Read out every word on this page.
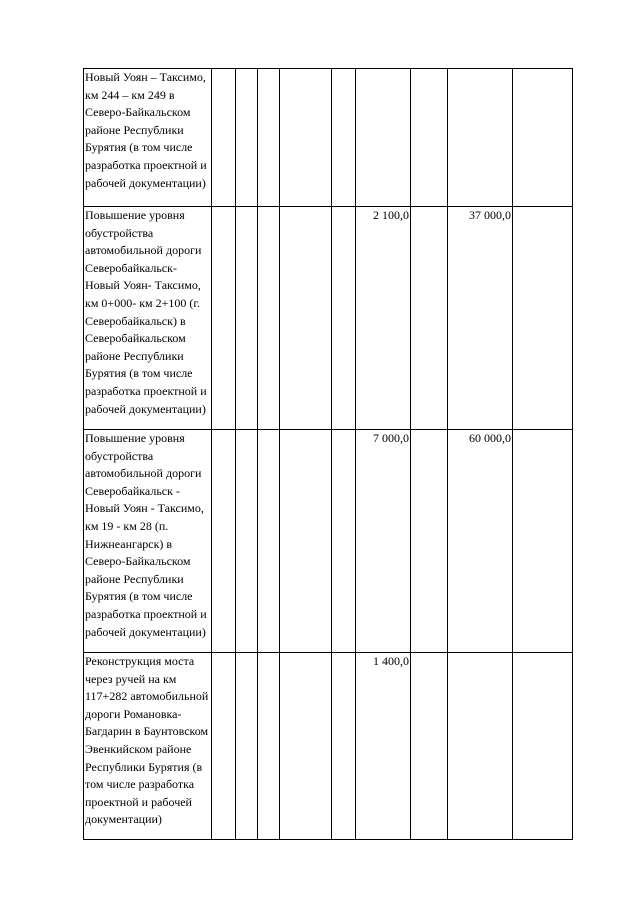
Новый Уоян – Таксимо, км 244 – км 249 в Северо-Байкальском районе Республики Бурятия (в том числе разработка проектной и рабочей документации)									

Повышение уровня обустройства автомобильной дороги Северобайкальск-Новый Уоян- Таксимо, км 0+000- км 2+100 (г. Северобайкальск) в Северобайкальском районе Республики Бурятия (в том числе разработка проектной и рабочей документации)						2 100,0		37 000,0	

Повышение уровня обустройства автомобильной дороги Северобайкальск - Новый Уоян - Таксимо, км 19 - км 28 (п. Нижнеангарск) в Северо-Байкальском районе Республики Бурятия (в том числе разработка проектной и рабочей документации)						7 000,0		60 000,0	

Реконструкция моста через ручей на км 117+282 автомобильной дороги Романовка-Багдарин в Баунтовском Эвенкийском районе Республики Бурятия (в том числе разработка проектной и рабочей документации)						1 400,0			
